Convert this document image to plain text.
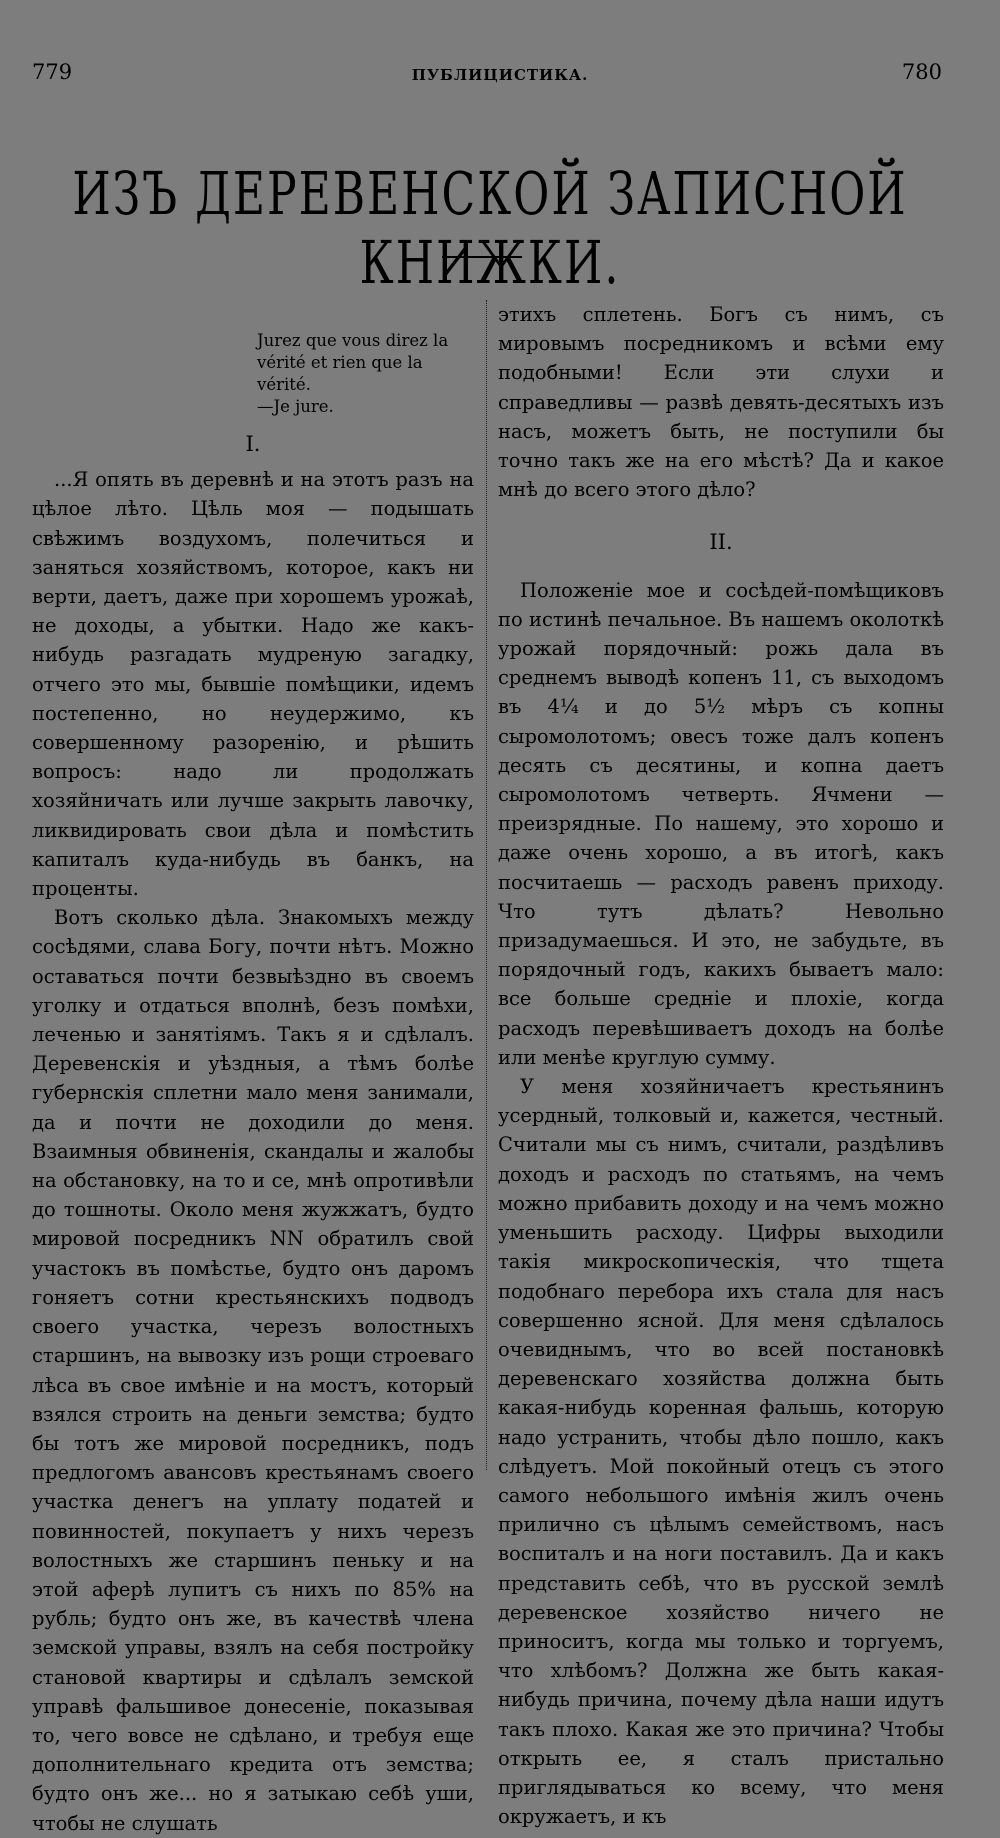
779	ПУБЛИЦИСТИКА.	780
ИЗЪ ДЕРЕВЕНСКОЙ ЗАПИСНОЙ КНИЖКИ.
Jurez que vous direz la
vérité et rien que la vérité.
—Je jure.
I.

...Я опять въ деревнѣ и на этотъ разъ на цѣлое лѣто. Цѣль моя — подышать свѣжимъ воздухомъ, полечиться и заняться хозяйствомъ, которое, какъ ни верти, даетъ, даже при хорошемъ урожаѣ, не доходы, а убытки. Надо же какъ-нибудь разгадать мудреную загадку, отчего это мы, бывшіе помѣщики, идемъ постепенно, но неудержимо, къ совершенному разоренію, и рѣшить вопросъ: надо ли продолжать хозяйничать или лучше закрыть лавочку, ликвидировать свои дѣла и помѣстить капиталъ куда-нибудь въ банкъ, на проценты.

Вотъ сколько дѣла. Знакомыхъ между сосѣдями, слава Богу, почти нѣтъ. Можно оставаться почти безвыѣздно въ своемъ уголку и отдаться вполнѣ, безъ помѣхи, леченью и занятіямъ. Такъ я и сдѣлалъ. Деревенскія и уѣздныя, а тѣмъ болѣе губернскія сплетни мало меня занимали, да и почти не доходили до меня. Взаимныя обвиненія, скандалы и жалобы на обстановку, на то и се, мнѣ опротивѣли до тошноты. Около меня жужжатъ, будто мировой посредникъ NN обратилъ свой участокъ въ помѣстье, будто онъ даромъ гоняетъ сотни крестьянскихъ подводъ своего участка, черезъ волостныхъ старшинъ, на вывозку изъ рощи строеваго лѣса въ свое имѣніе и на мостъ, который взялся строить на деньги земства; будто бы тотъ же мировой посредникъ, подъ предлогомъ авансовъ крестьянамъ своего участка денегъ на уплату податей и повинностей, покупаетъ у нихъ черезъ волостныхъ же старшинъ пеньку и на этой аферѣ лупитъ съ нихъ по 85% на рубль; будто онъ же, въ качествѣ члена земской управы, взялъ на себя постройку становой квартиры и сдѣлалъ земской управѣ фальшивое донесеніе, показывая то, чего вовсе не сдѣлано, и требуя еще дополнительнаго кредита отъ земства; будто онъ же... но я затыкаю себѣ уши, чтобы не слушать

этихъ сплетень. Богъ съ нимъ, съ мировымъ посредникомъ и всѣми ему подобными! Если эти слухи и справедливы — развѣ девять-десятыхъ изъ насъ, можетъ быть, не поступили бы точно такъ же на его мѣстѣ? Да и какое мнѣ до всего этого дѣло?

II.

Положеніе мое и сосѣдей-помѣщиковъ по истинѣ печальное. Въ нашемъ околоткѣ урожай порядочный: рожь дала въ среднемъ выводѣ копенъ 11, съ выходомъ въ 4¼ и до 5½ мѣръ съ копны сыромолотомъ; овесъ тоже далъ копенъ десять съ десятины, и копна даетъ сыромолотомъ четверть. Ячмени —преизрядные. По нашему, это хорошо и даже очень хорошо, а въ итогѣ, какъ посчитаешь — расходъ равенъ приходу. Что тутъ дѣлать? Невольно призадумаешься. И это, не забудьте, въ порядочный годъ, какихъ бываетъ мало: все больше средніе и плохіе, когда расходъ перевѣшиваетъ доходъ на болѣе или менѣе круглую сумму.

У меня хозяйничаетъ крестьянинъ усердный, толковый и, кажется, честный. Считали мы съ нимъ, считали, раздѣливъ доходъ и расходъ по статьямъ, на чемъ можно прибавить доходу и на чемъ можно уменьшить расходу. Цифры выходили такія микроскопическія, что тщета подобнаго перебора ихъ стала для насъ совершенно ясной. Для меня сдѣлалось очевиднымъ, что во всей постановкѣ деревенскаго хозяйства должна быть какая-нибудь коренная фальшь, которую надо устранить, чтобы дѣло пошло, какъ слѣдуетъ. Мой покойный отецъ съ этого самого небольшого имѣнія жилъ очень прилично съ цѣлымъ семействомъ, насъ воспиталъ и на ноги поставилъ. Да и какъ представить себѣ, что въ русской землѣ деревенское хозяйство ничего не приноситъ, когда мы только и торгуемъ, что хлѣбомъ? Должна же быть какая-нибудь причина, почему дѣла наши идутъ такъ плохо. Какая же это причина? Чтобы открыть ее, я сталъ пристально приглядываться ко всему, что меня окружаетъ, и къ
